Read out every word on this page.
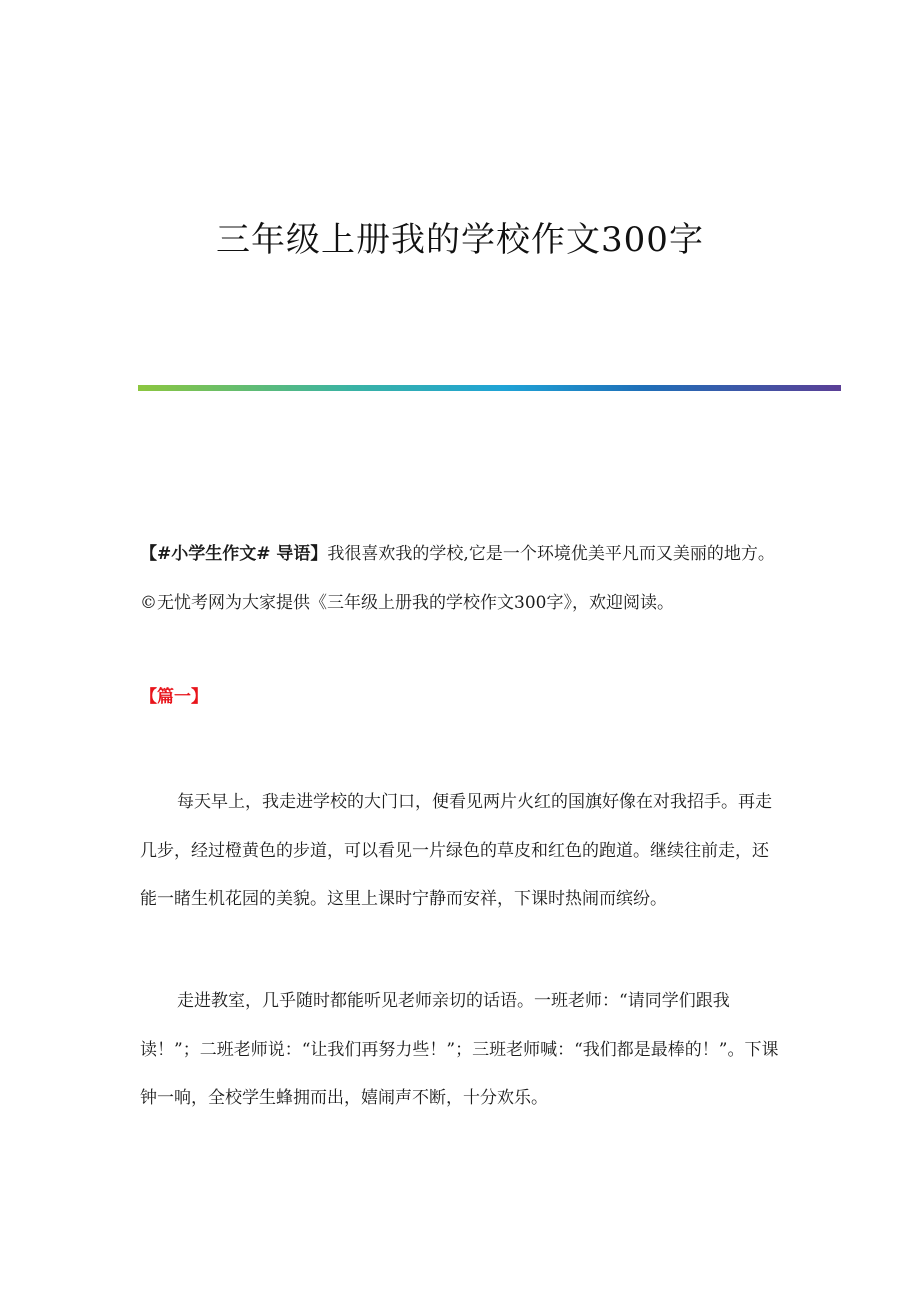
三年级上册我的学校作文300字
【#小学生作文# 导语】我很喜欢我的学校,它是一个环境优美平凡而又美丽的地方。©无忧考网为大家提供《三年级上册我的学校作文300字》，欢迎阅读。
【篇一】
每天早上，我走进学校的大门口，便看见两片火红的国旗好像在对我招手。再走几步，经过橙黄色的步道，可以看见一片绿色的草皮和红色的跑道。继续往前走，还能一睹生机花园的美貌。这里上课时宁静而安祥，下课时热闹而缤纷。
走进教室，几乎随时都能听见老师亲切的话语。一班老师：“请同学们跟我读！”；二班老师说：“让我们再努力些！”；三班老师喊：“我们都是最棒的！”。下课钟一响，全校学生蜂拥而出，嬉闹声不断，十分欢乐。
